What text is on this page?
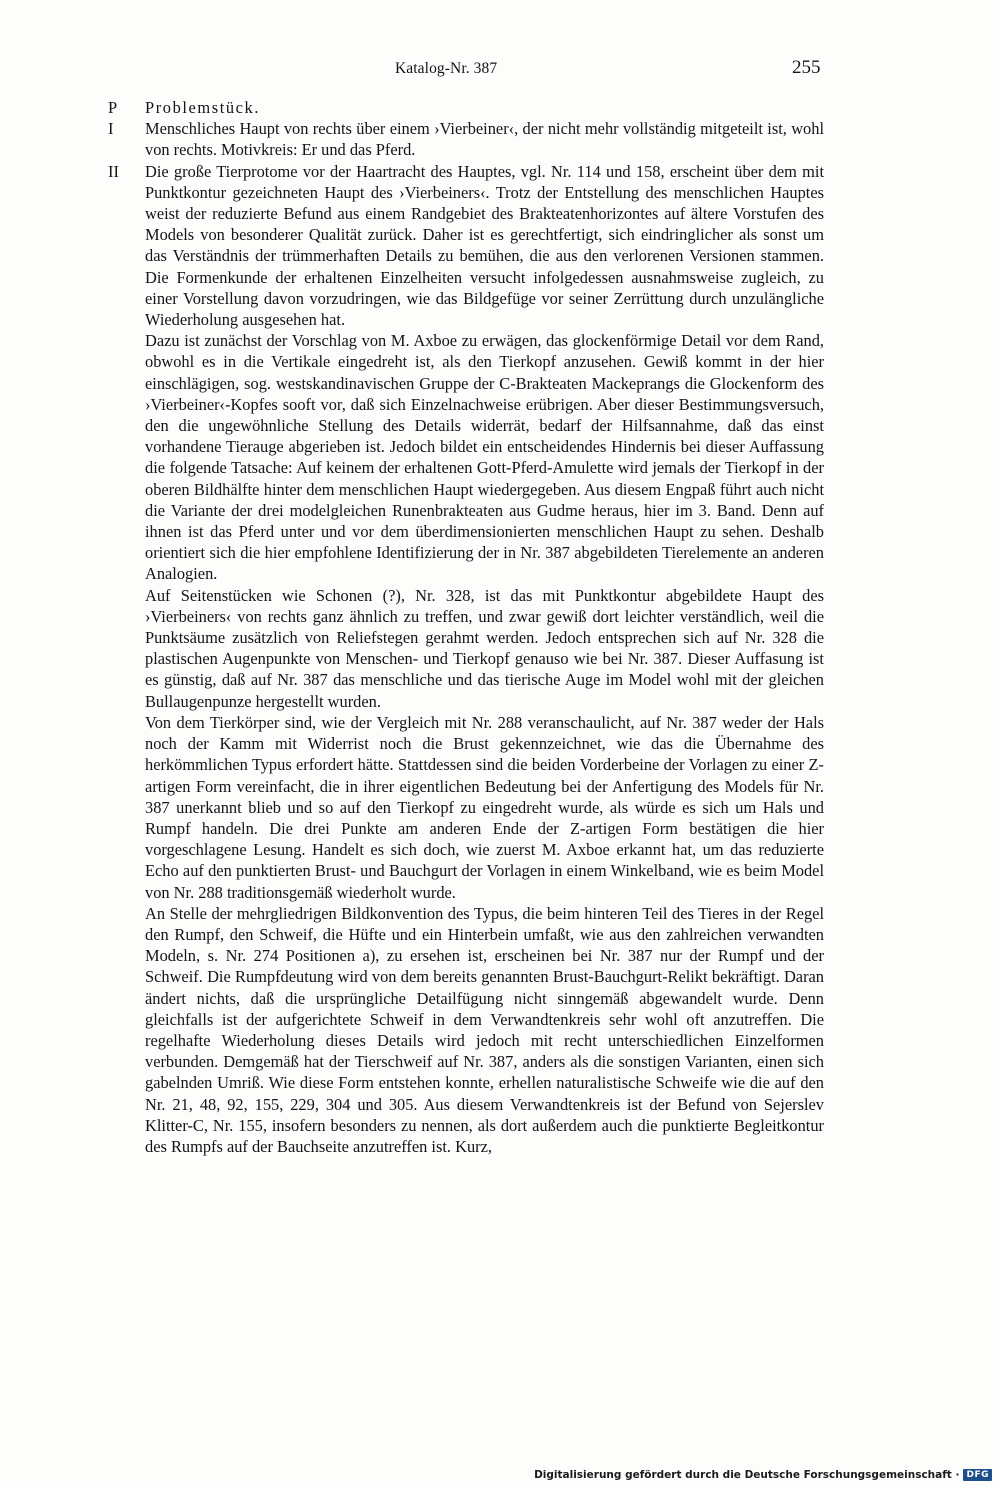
Katalog-Nr. 387	255
P Problemstück.

I Menschliches Haupt von rechts über einem ›Vierbeiner‹, der nicht mehr vollständig mitgeteilt ist, wohl von rechts. Motivkreis: Er und das Pferd.

II Die große Tierprotome vor der Haartracht des Hauptes, vgl. Nr. 114 und 158, erscheint über dem mit Punktkontur gezeichneten Haupt des ›Vierbeiners‹. Trotz der Entstellung des menschlichen Hauptes weist der reduzierte Befund aus einem Randgebiet des Brakteatenhorizontes auf ältere Vorstufen des Models von besonderer Qualität zurück. Daher ist es gerechtfertigt, sich eindringlicher als sonst um das Verständnis der trümmerhaften Details zu bemühen, die aus den verlorenen Versionen stammen. Die Formenkunde der erhaltenen Einzelheiten versucht infolgedessen ausnahmsweise zugleich, zu einer Vorstellung davon vorzudringen, wie das Bildgefüge vor seiner Zerrüttung durch unzulängliche Wiederholung ausgesehen hat.

Dazu ist zunächst der Vorschlag von M. Axboe zu erwägen, das glockenförmige Detail vor dem Rand, obwohl es in die Vertikale eingedreht ist, als den Tierkopf anzusehen. Gewiß kommt in der hier einschlägigen, sog. westskandinavischen Gruppe der C-Brakteaten Mackeprangs die Glockenform des ›Vierbeiner‹-Kopfes sooft vor, daß sich Einzelnachweise erübrigen. Aber dieser Bestimmungsversuch, den die ungewöhnliche Stellung des Details widerrät, bedarf der Hilfsannahme, daß das einst vorhandene Tierauge abgerieben ist. Jedoch bildet ein entscheidendes Hindernis bei dieser Auffassung die folgende Tatsache: Auf keinem der erhaltenen Gott-Pferd-Amulette wird jemals der Tierkopf in der oberen Bildhälfte hinter dem menschlichen Haupt wiedergegeben. Aus diesem Engpaß führt auch nicht die Variante der drei modelgleichen Runenbrakteaten aus Gudme heraus, hier im 3. Band. Denn auf ihnen ist das Pferd unter und vor dem überdimensionierten menschlichen Haupt zu sehen. Deshalb orientiert sich die hier empfohlene Identifizierung der in Nr. 387 abgebildeten Tierelemente an anderen Analogien.

Auf Seitenstücken wie Schonen (?), Nr. 328, ist das mit Punktkontur abgebildete Haupt des ›Vierbeiners‹ von rechts ganz ähnlich zu treffen, und zwar gewiß dort leichter verständlich, weil die Punktsäume zusätzlich von Reliefstegen gerahmt werden. Jedoch entsprechen sich auf Nr. 328 die plastischen Augenpunkte von Menschen- und Tierkopf genauso wie bei Nr. 387. Dieser Auffasung ist es günstig, daß auf Nr. 387 das menschliche und das tierische Auge im Model wohl mit der gleichen Bullaugenpunze hergestellt wurden.

Von dem Tierkörper sind, wie der Vergleich mit Nr. 288 veranschaulicht, auf Nr. 387 weder der Hals noch der Kamm mit Widerrist noch die Brust gekennzeichnet, wie das die Übernahme des herkömmlichen Typus erfordert hätte. Stattdessen sind die beiden Vorderbeine der Vorlagen zu einer Z-artigen Form vereinfacht, die in ihrer eigentlichen Bedeutung bei der Anfertigung des Models für Nr. 387 unerkannt blieb und so auf den Tierkopf zu eingedreht wurde, als würde es sich um Hals und Rumpf handeln. Die drei Punkte am anderen Ende der Z-artigen Form bestätigen die hier vorgeschlagene Lesung. Handelt es sich doch, wie zuerst M. Axboe erkannt hat, um das reduzierte Echo auf den punktierten Brust- und Bauchgurt der Vorlagen in einem Winkelband, wie es beim Model von Nr. 288 traditionsgemäß wiederholt wurde.

An Stelle der mehrgliedrigen Bildkonvention des Typus, die beim hinteren Teil des Tieres in der Regel den Rumpf, den Schweif, die Hüfte und ein Hinterbein umfaßt, wie aus den zahlreichen verwandten Modeln, s. Nr. 274 Positionen a), zu ersehen ist, erscheinen bei Nr. 387 nur der Rumpf und der Schweif. Die Rumpfdeutung wird von dem bereits genannten Brust-Bauchgurt-Relikt bekräftigt. Daran ändert nichts, daß die ursprüngliche Detailfügung nicht sinngemäß abgewandelt wurde. Denn gleichfalls ist der aufgerichtete Schweif in dem Verwandtenkreis sehr wohl oft anzutreffen. Die regelhafte Wiederholung dieses Details wird jedoch mit recht unterschiedlichen Einzelformen verbunden. Demgemäß hat der Tierschweif auf Nr. 387, anders als die sonstigen Varianten, einen sich gabelnden Umriß. Wie diese Form entstehen konnte, erhellen naturalistische Schweife wie die auf den Nr. 21, 48, 92, 155, 229, 304 und 305. Aus diesem Verwandtenkreis ist der Befund von Sejerslev Klitter-C, Nr. 155, insofern besonders zu nennen, als dort außerdem auch die punktierte Begleitkontur des Rumpfs auf der Bauchseite anzutreffen ist. Kurz,

Digitalisierung gefördert durch die Deutsche Forschungsgemeinschaft · DFG
